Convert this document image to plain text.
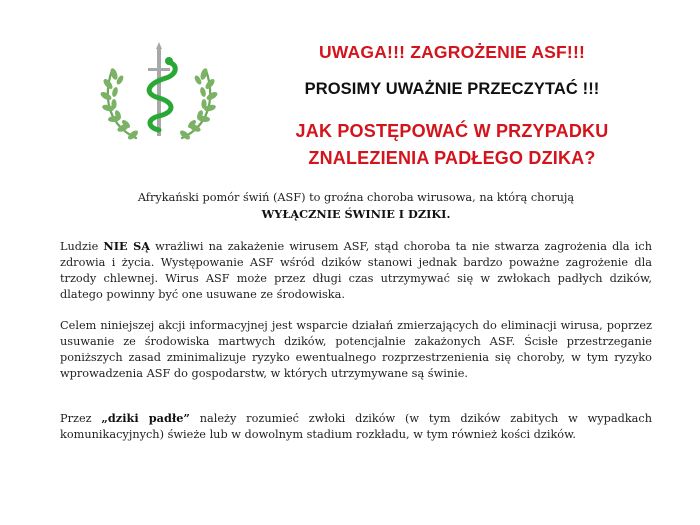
UWAGA!!! ZAGROŻENIE ASF!!!
PROSIMY UWAŻNIE PRZECZYTAĆ !!!
JAK POSTĘPOWAĆ W PRZYPADKU
ZNALEZIENIA PADŁEGO DZIKA?

Afrykański pomór świń (ASF) to groźna choroba wirusowa, na którą chorują
WYŁĄCZNIE ŚWINIE I DZIKI.

Ludzie NIE SĄ wrażliwi na zakażenie wirusem ASF, stąd choroba ta nie stwarza zagrożenia dla ich zdrowia i życia. Występowanie ASF wśród dzików stanowi jednak bardzo poważne zagrożenie dla trzody chlewnej. Wirus ASF może przez długi czas utrzymywać się w zwłokach padłych dzików, dlatego powinny być one usuwane ze środowiska.

Celem niniejszej akcji informacyjnej jest wsparcie działań zmierzających do eliminacji wirusa, poprzez usuwanie ze środowiska martwych dzików, potencjalnie zakażonych ASF. Ścisłe przestrzeganie poniższych zasad zminimalizuje ryzyko ewentualnego rozprzestrzenienia się choroby, w tym ryzyko wprowadzenia ASF do gospodarstw, w których utrzymywane są świnie.

Przez „dziki padłe” należy rozumieć zwłoki dzików (w tym dzików zabitych w wypadkach komunikacyjnych) świeże lub w dowolnym stadium rozkładu, w tym również kości dzików.
